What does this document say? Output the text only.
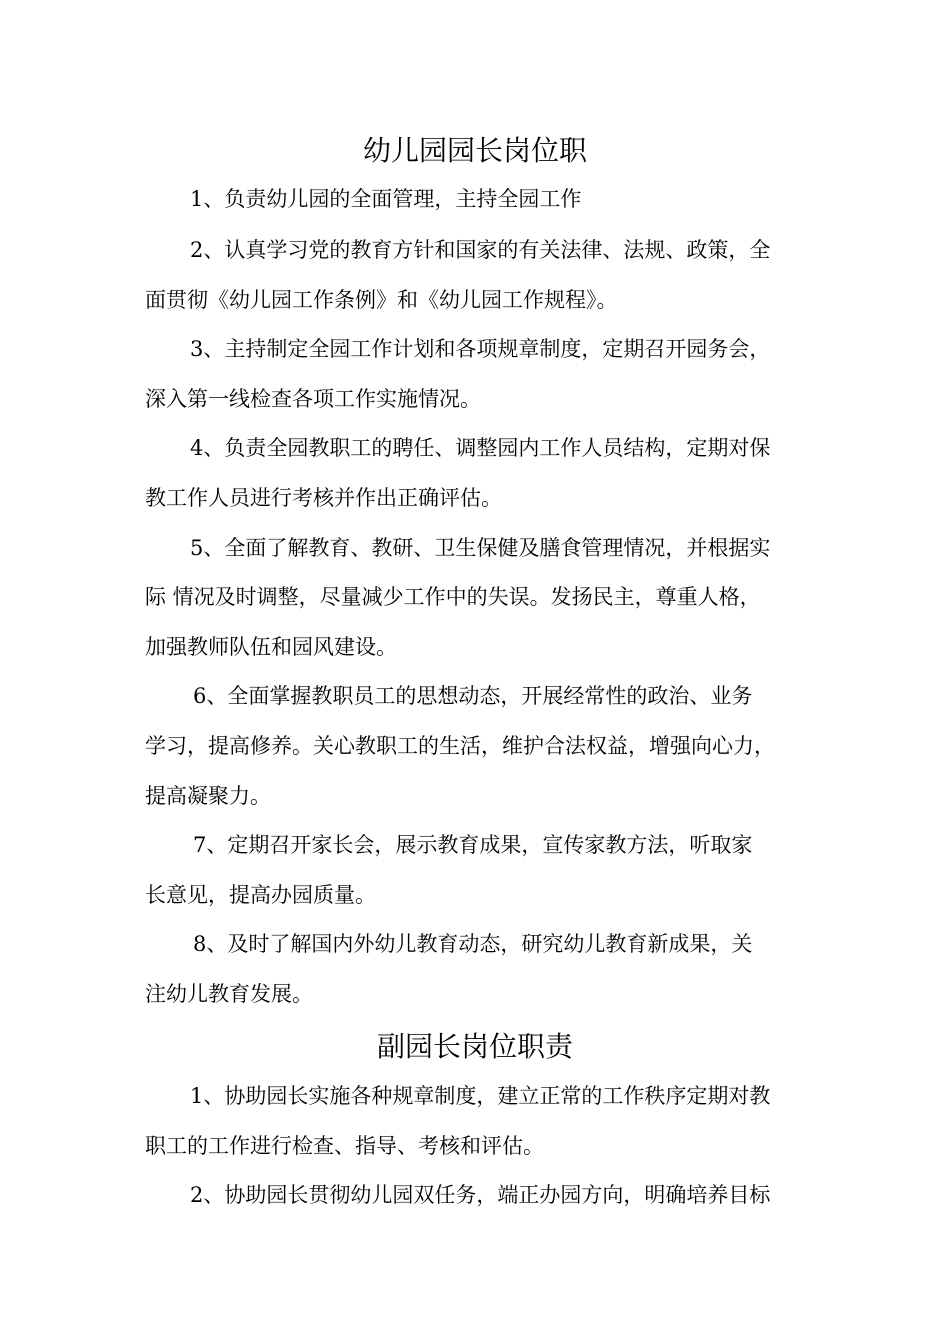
幼儿园园长岗位职
1、负责幼儿园的全面管理，主持全园工作
2、认真学习党的教育方针和国家的有关法律、法规、政策，全
面贯彻《幼儿园工作条例》和《幼儿园工作规程》。
3、主持制定全园工作计划和各项规章制度，定期召开园务会，
深入第一线检查各项工作实施情况。
4、负责全园教职工的聘任、调整园内工作人员结构，定期对保
教工作人员进行考核并作出正确评估。
5、全面了解教育、教研、卫生保健及膳食管理情况，并根据实
际 情况及时调整，尽量减少工作中的失误。发扬民主，尊重人格，
加强教师队伍和园风建设。
6、全面掌握教职员工的思想动态，开展经常性的政治、业务
学习，提高修养。关心教职工的生活，维护合法权益，增强向心力，
提高凝聚力。
7、定期召开家长会，展示教育成果，宣传家教方法，听取家
长意见，提高办园质量。
8、及时了解国内外幼儿教育动态，研究幼儿教育新成果，关
注幼儿教育发展。
副园长岗位职责
1、协助园长实施各种规章制度，建立正常的工作秩序定期对教
职工的工作进行检查、指导、考核和评估。
2、协助园长贯彻幼儿园双任务，端正办园方向，明确培养目标
